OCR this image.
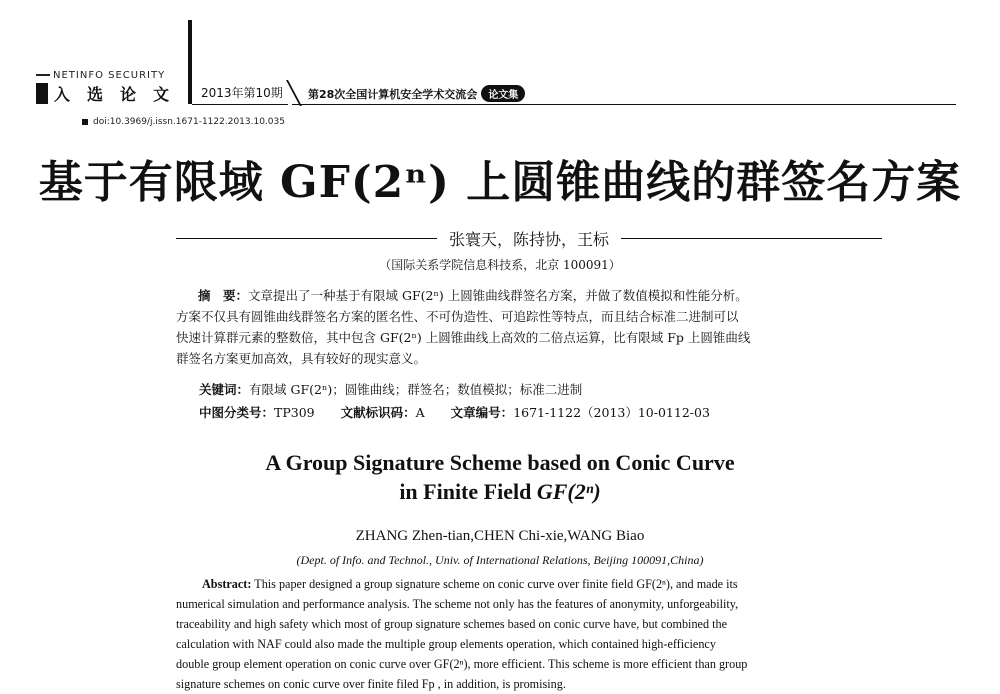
NETINFO SECURITY
入选论文 2013年第10期 第28次全国计算机安全学术交流会	论文集
doi:10.3969/j.issn.1671-1122.2013.10.035
基于有限域 GF(2ⁿ) 上圆锥曲线的群签名方案
张寰天，陈持协，王标
（国际关系学院信息科技系，北京 100091）
摘　要：文章提出了一种基于有限域 GF(2ⁿ) 上圆锥曲线群签名方案，并做了数值模拟和性能分析。
方案不仅具有圆锥曲线群签名方案的匿名性、不可伪造性、可追踪性等特点，而且结合标准二进制可以
快速计算群元素的整数倍，其中包含 GF(2ⁿ) 上圆锥曲线上高效的二倍点运算，比有限域 Fp 上圆锥曲线
群签名方案更加高效，具有较好的现实意义。
关键词：有限域 GF(2ⁿ)；圆锥曲线；群签名；数值模拟；标准二进制
中图分类号：TP309 文献标识码：A 文章编号：1671-1122（2013）10-0112-03
A Group Signature Scheme based on Conic Curve
in Finite Field GF(2ⁿ)
ZHANG Zhen-tian,CHEN Chi-xie,WANG Biao
(Dept. of Info. and Technol., Univ. of International Relations, Beijing 100091,China)
Abstract: This paper designed a group signature scheme on conic curve over finite field GF(2ⁿ), and made its
numerical simulation and performance analysis. The scheme not only has the features of anonymity, unforgeability,
traceability and high safety which most of group signature schemes based on conic curve have, but combined the
calculation with NAF could also made the multiple group elements operation, which contained high-efficiency
double group element operation on conic curve over GF(2ⁿ), more efficient. This scheme is more efficient than group
signature schemes on conic curve over finite filed Fp , in addition, is promising.
